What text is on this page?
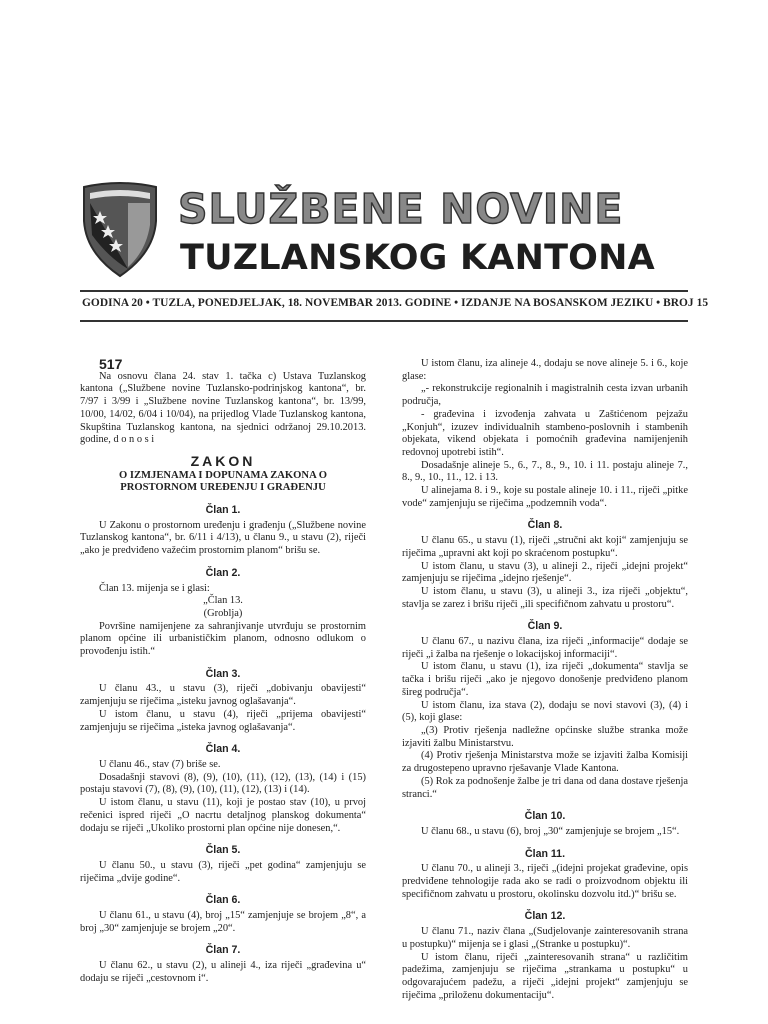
SLUŽBENE NOVINE
TUZLANSKOG KANTONA
GODINA 20 • TUZLA, PONEDJELJAK, 18. NOVEMBAR 2013. GODINE • IZDANJE NA BOSANSKOM JEZIKU • BROJ 15

517

Na osnovu člana 24. stav 1. tačka c) Ustava Tuzlanskog kantona („Službene novine Tuzlansko-podrinjskog kantona“, br. 7/97 i 3/99 i „Službene novine Tuzlanskog kantona“, br. 13/99, 10/00, 14/02, 6/04 i 10/04), na prijedlog Vlade Tuzlanskog kantona, Skupština Tuzlanskog kantona, na sjednici održanoj 29.10.2013. godine, d o n o s i

ZAKON
O IZMJENAMA I DOPUNAMA ZAKONA O PROSTORNOM UREĐENJU I GRAĐENJU
Član 1.

U Zakonu o prostornom uređenju i građenju („Službene novine Tuzlanskog kantona“, br. 6/11 i 4/13), u članu 9., u stavu (2), riječi „ako je predviđeno važećim prostornim planom“ brišu se.

Član 2.

Član 13. mijenja se i glasi:

„Član 13.

(Groblja)

Površine namijenjene za sahranjivanje utvrđuju se prostornim planom općine ili urbanističkim planom, odnosno odlukom o provođenju istih.“

Član 3.

U članu 43., u stavu (3), riječi „dobivanju obavijesti“ zamjenjuju se riječima „isteku javnog oglašavanja“.

U istom članu, u stavu (4), riječi „prijema obavijesti“ zamjenjuju se riječima „isteka javnog oglašavanja“.

Član 4.

U članu 46., stav (7) briše se.

Dosadašnji stavovi (8), (9), (10), (11), (12), (13), (14) i (15) postaju stavovi (7), (8), (9), (10), (11), (12), (13) i (14).

U istom članu, u stavu (11), koji je postao stav (10), u prvoj rečenici ispred riječi „O nacrtu detaljnog planskog dokumenta“ dodaju se riječi „Ukoliko prostorni plan općine nije donesen,“.

Član 5.

U članu 50., u stavu (3), riječi „pet godina“ zamjenjuju se riječima „dvije godine“.

Član 6.

U članu 61., u stavu (4), broj „15“ zamjenjuje se brojem „8“, a broj „30“ zamjenjuje se brojem „20“.

Član 7.

U članu 62., u stavu (2), u alineji 4., iza riječi „građevina u“ dodaju se riječi „cestovnom i“.

U istom članu, iza alineje 4., dodaju se nove alineje 5. i 6., koje glase:

„- rekonstrukcije regionalnih i magistralnih cesta izvan urbanih područja,

- građevina i izvođenja zahvata u Zaštićenom pejzažu „Konjuh“, izuzev individualnih stambeno-poslovnih i stambenih objekata, vikend objekata i pomoćnih građevina namijenjenih redovnoj upotrebi istih“.

Dosadašnje alineje 5., 6., 7., 8., 9., 10. i 11. postaju alineje 7., 8., 9., 10., 11., 12. i 13.

U alinejama 8. i 9., koje su postale alineje 10. i 11., riječi „pitke vode“ zamjenjuju se riječima „podzemnih voda“.

Član 8.

U članu 65., u stavu (1), riječi „stručni akt koji“ zamjenjuju se riječima „upravni akt koji po skraćenom postupku“.

U istom članu, u stavu (3), u alineji 2., riječi „idejni projekt“ zamjenjuju se riječima „idejno rješenje“.

U istom članu, u stavu (3), u alineji 3., iza riječi „objektu“, stavlja se zarez i brišu riječi „ili specifičnom zahvatu u prostoru“.

Član 9.

U članu 67., u nazivu člana, iza riječi „informacije“ dodaje se riječi „i žalba na rješenje o lokacijskoj informaciji“.

U istom članu, u stavu (1), iza riječi „dokumenta“ stavlja se tačka i brišu riječi „ako je njegovo donošenje predviđeno planom šireg područja“.

U istom članu, iza stava (2), dodaju se novi stavovi (3), (4) i (5), koji glase:

„(3) Protiv rješenja nadležne općinske službe stranka može izjaviti žalbu Ministarstvu.

(4) Protiv rješenja Ministarstva može se izjaviti žalba Komisiji za drugostepeno upravno rješavanje Vlade Kantona.

(5) Rok za podnošenje žalbe je tri dana od dana dostave rješenja stranci.“

Član 10.

U članu 68., u stavu (6), broj „30“ zamjenjuje se brojem „15“.

Član 11.

U članu 70., u alineji 3., riječi „(idejni projekat građevine, opis predviđene tehnologije rada ako se radi o proizvodnom objektu ili specifičnom zahvatu u prostoru, okolinsku dozvolu itd.)“ brišu se.

Član 12.

U članu 71., naziv člana „(Sudjelovanje zainteresovanih strana u postupku)“ mijenja se i glasi „(Stranke u postupku)“.

U istom članu, riječi „zainteresovanih strana“ u različitim padežima, zamjenjuju se riječima „strankama u postupku“ u odgovarajućem padežu, a riječi „idejni projekt“ zamjenjuju se riječima „priloženu dokumentaciju“.
